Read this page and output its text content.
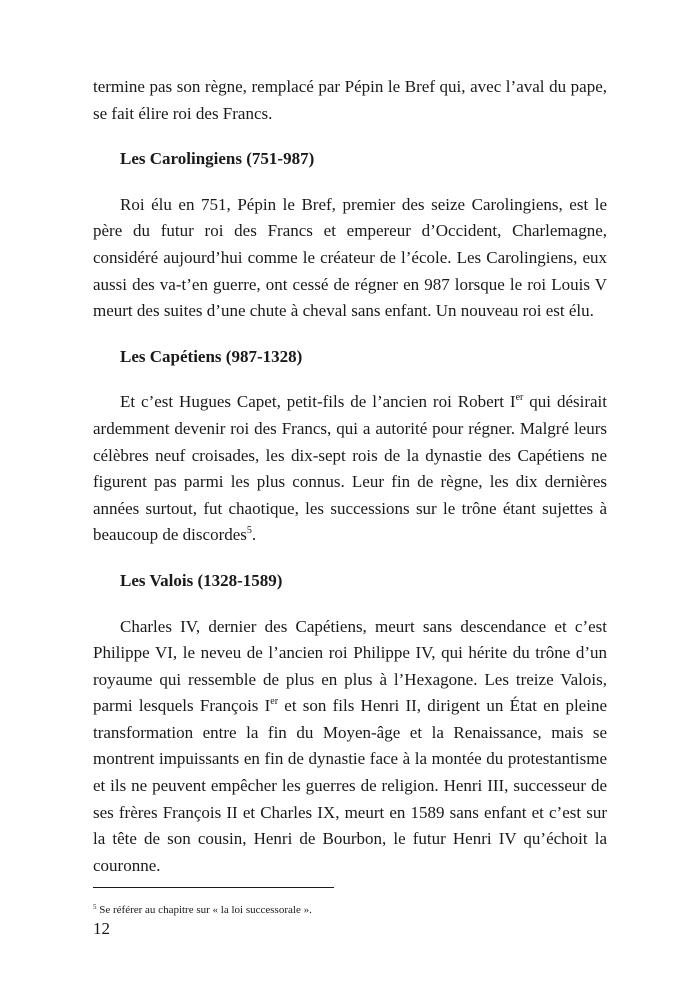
termine pas son règne, remplacé par Pépin le Bref qui, avec l’aval du pape, se fait élire roi des Francs.

Les Carolingiens (751-987)

Roi élu en 751, Pépin le Bref, premier des seize Carolingiens, est le père du futur roi des Francs et empereur d’Occident, Charlemagne, considéré aujourd’hui comme le créateur de l’école. Les Carolingiens, eux aussi des va-t’en guerre, ont cessé de régner en 987 lorsque le roi Louis V meurt des suites d’une chute à cheval sans enfant. Un nouveau roi est élu.

Les Capétiens (987-1328)

Et c’est Hugues Capet, petit-fils de l’ancien roi Robert Ier qui désirait ardemment devenir roi des Francs, qui a autorité pour régner. Malgré leurs célèbres neuf croisades, les dix-sept rois de la dynastie des Capétiens ne figurent pas parmi les plus connus. Leur fin de règne, les dix dernières années surtout, fut chaotique, les successions sur le trône étant sujettes à beaucoup de discordes$^5$.

Les Valois (1328-1589)

Charles IV, dernier des Capétiens, meurt sans descendance et c’est Philippe VI, le neveu de l’ancien roi Philippe IV, qui hérite du trône d’un royaume qui ressemble de plus en plus à l’Hexagone. Les treize Valois, parmi lesquels François Ier et son fils Henri II, dirigent un État en pleine transformation entre la fin du Moyen-âge et la Renaissance, mais se montrent impuissants en fin de dynastie face à la montée du protestantisme et ils ne peuvent empêcher les guerres de religion. Henri III, successeur de ses frères François II et Charles IX, meurt en 1589 sans enfant et c’est sur la tête de son cousin, Henri de Bourbon, le futur Henri IV qu’échoit la couronne.

$^5$ Se référer au chapitre sur « la loi successorale ».
12
